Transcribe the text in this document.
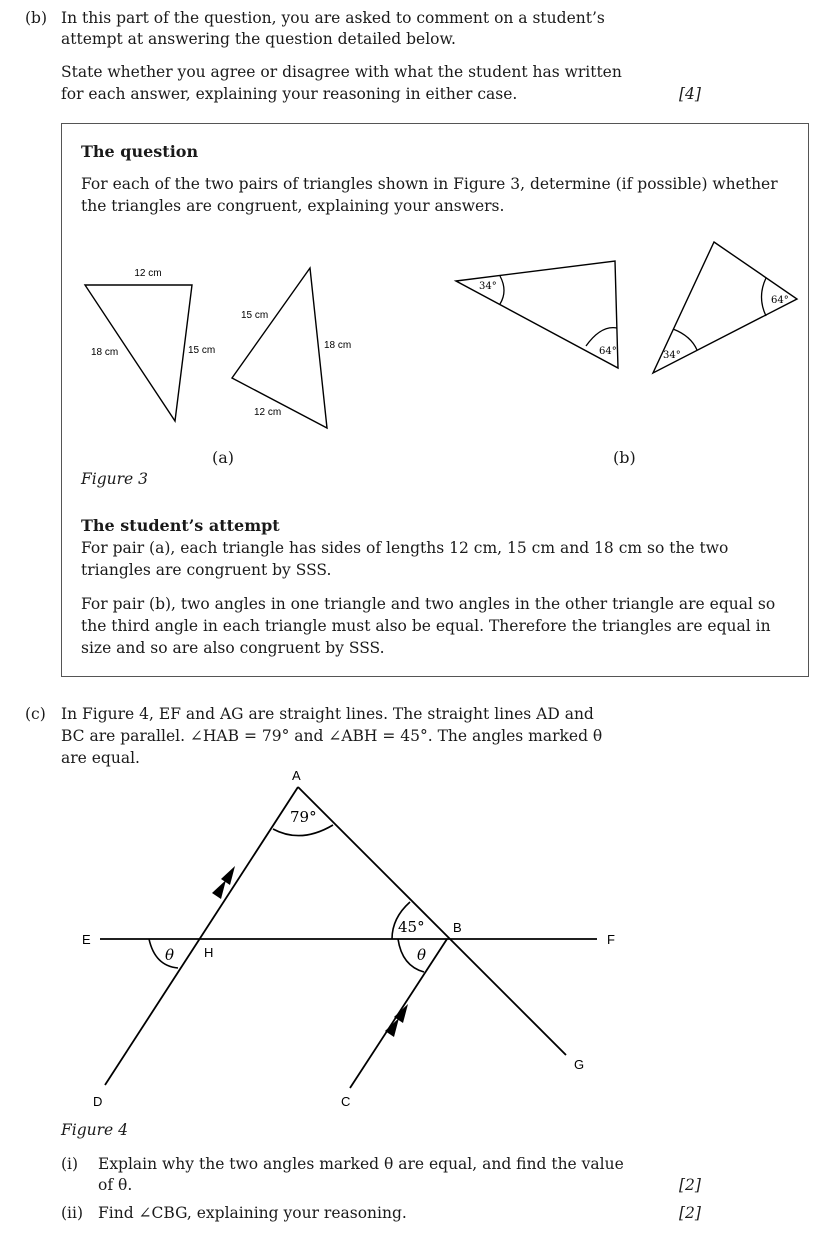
(b) In this part of the question, you are asked to comment on a student’s
attempt at answering the question detailed below.
State whether you agree or disagree with what the student has written
for each answer, explaining your reasoning in either case.	[4]
The question
For each of the two pairs of triangles shown in Figure 3, determine (if possible) whether
the triangles are congruent, explaining your answers.
12 cm
18 cm	15 cm
15 cm
18 cm
12 cm
34°
64°
64°
34°
(a)	(b)
Figure 3
The student’s attempt
For pair (a), each triangle has sides of lengths 12 cm, 15 cm and 18 cm so the two
triangles are congruent by SSS.
For pair (b), two angles in one triangle and two angles in the other triangle are equal so
the third angle in each triangle must also be equal. Therefore the triangles are equal in
size and so are also congruent by SSS.
(c) In Figure 4, EF and AG are straight lines. The straight lines AD and
BC are parallel. ∠HAB = 79° and ∠ABH = 45°. The angles marked θ
are equal.
79°
45°
θ	θ
A
B
C
D
E	F
G
H
Figure 4
(i) Explain why the two angles marked θ are equal, and find the value
of θ.	[2]
(ii) Find ∠CBG, explaining your reasoning.	[2]
